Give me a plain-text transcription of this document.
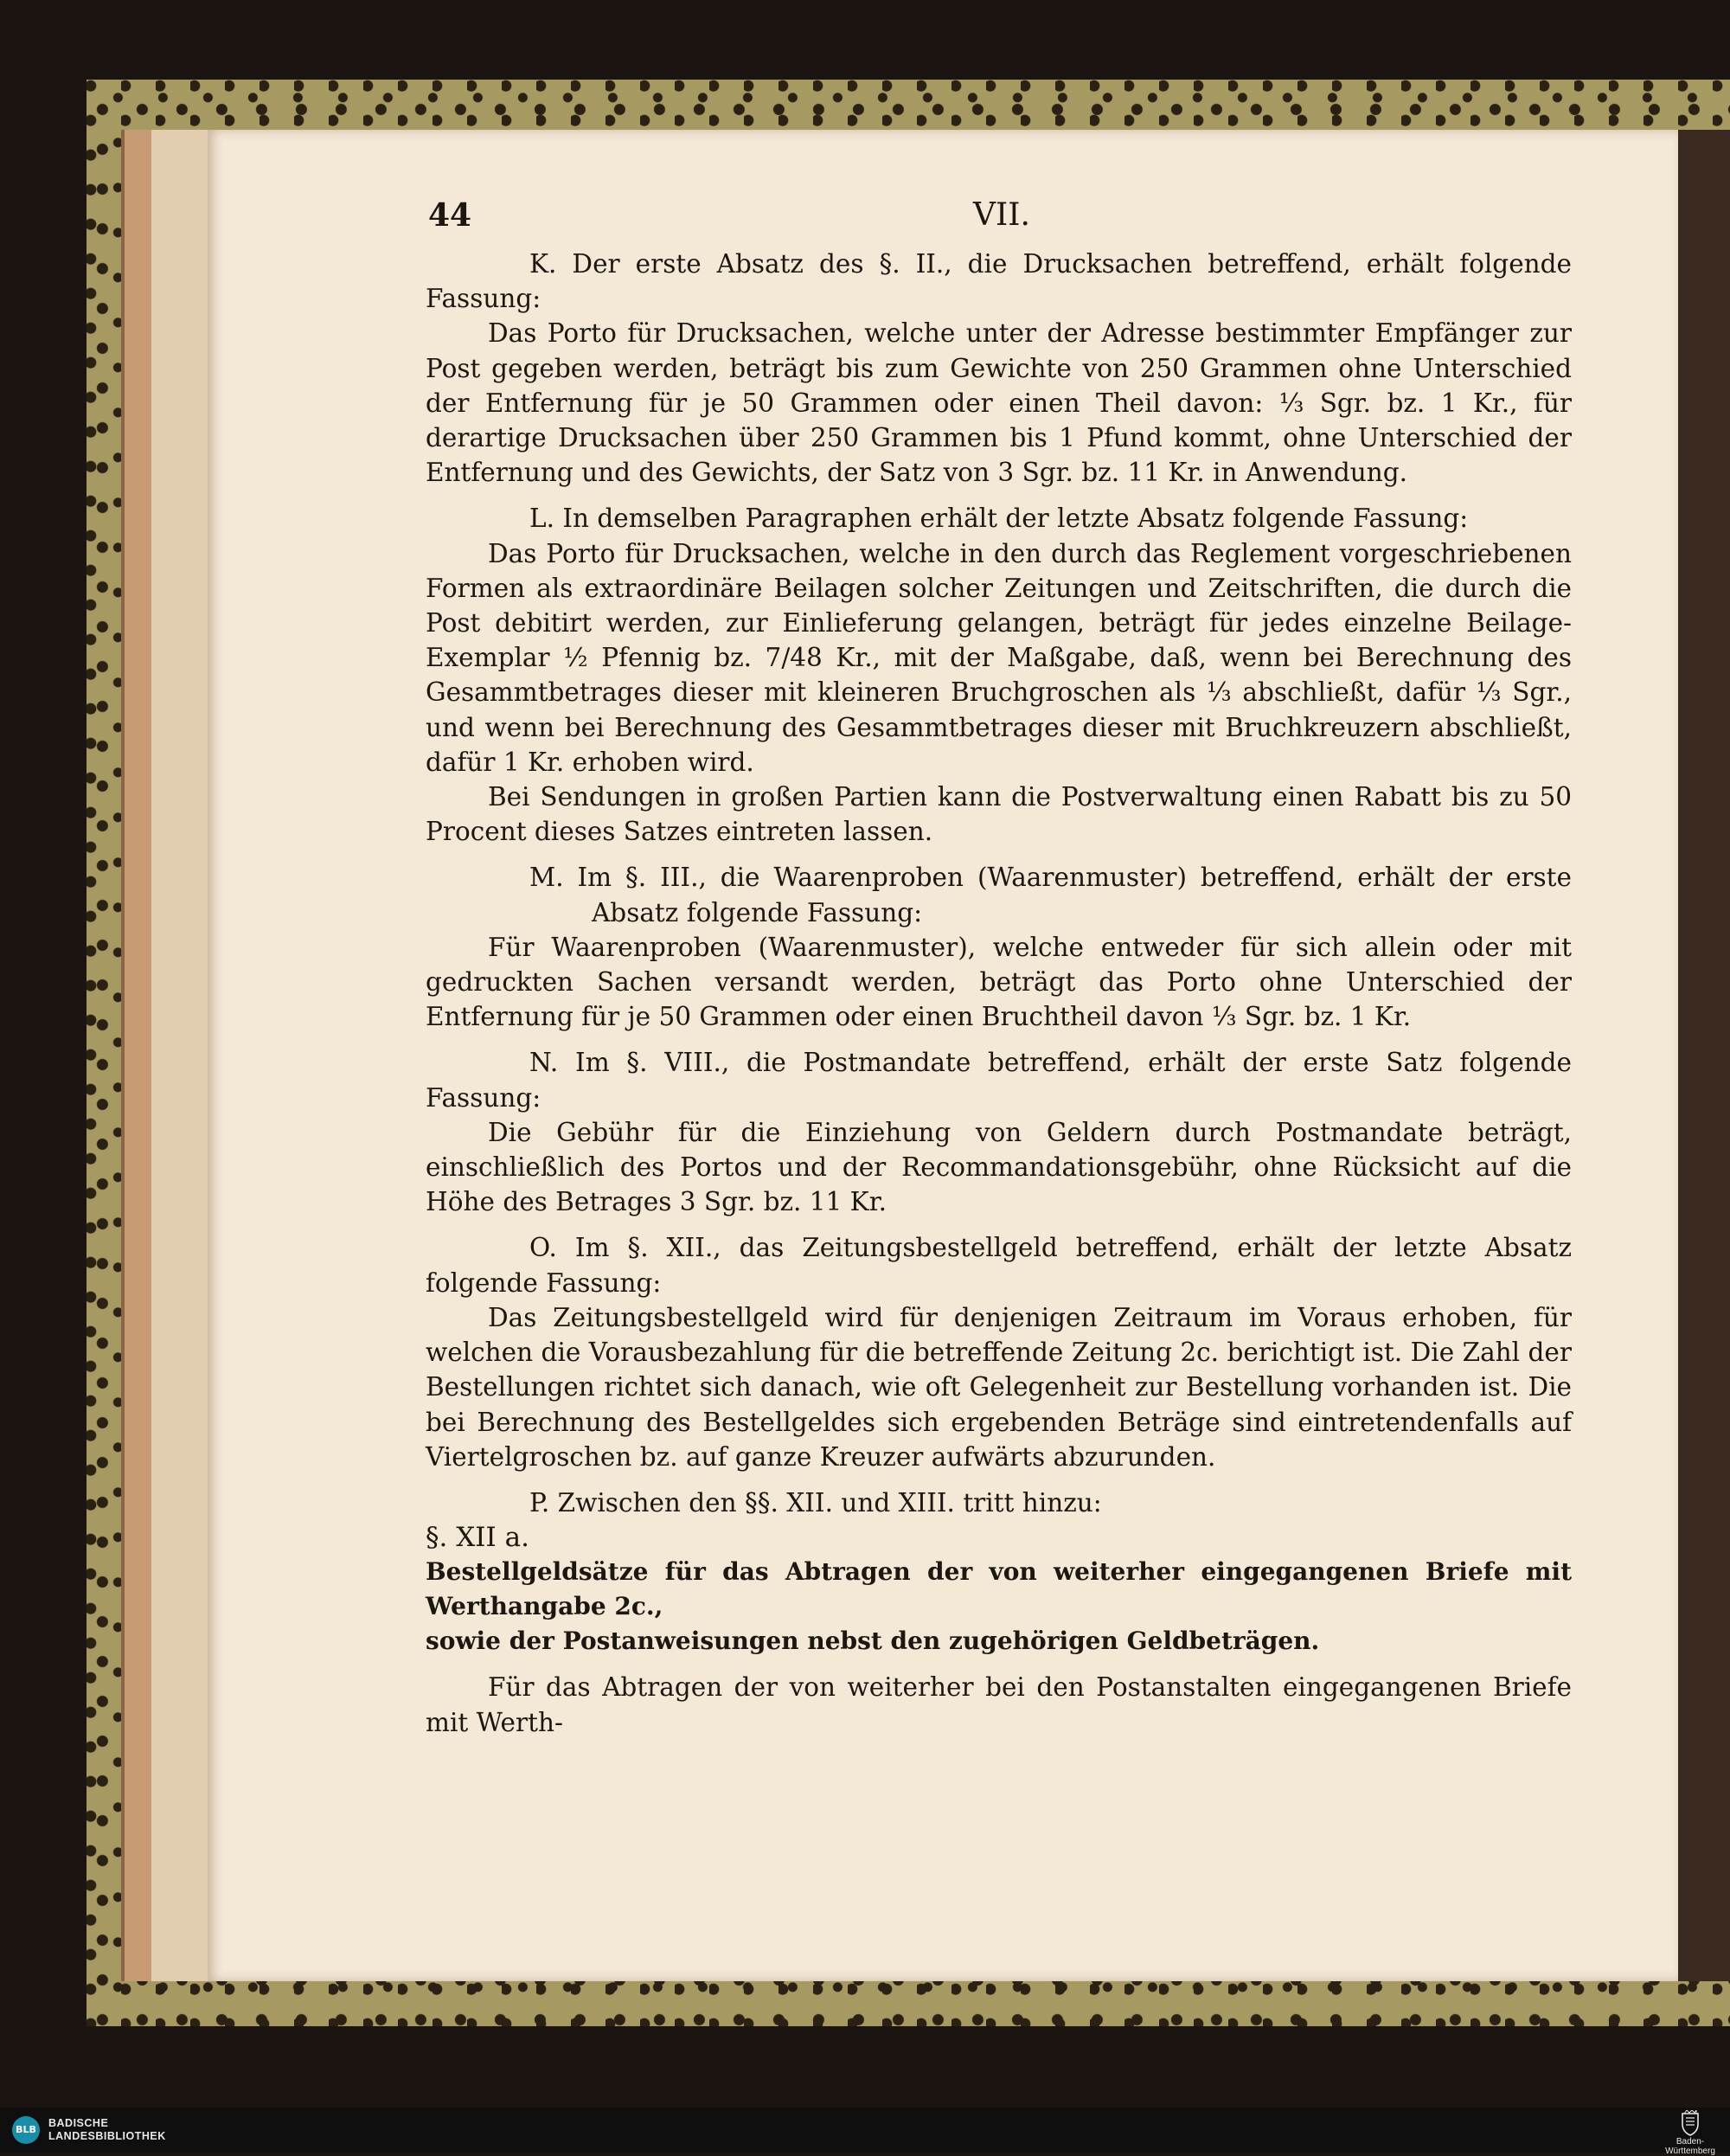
44	VII.

K. Der erste Absatz des §. II., die Drucksachen betreffend, erhält folgende Fassung:

Das Porto für Drucksachen, welche unter der Adresse bestimmter Empfänger zur Post gegeben werden, beträgt bis zum Gewichte von 250 Grammen ohne Unterschied der Entfernung für je 50 Grammen oder einen Theil davon: ⅓ Sgr. bz. 1 Kr., für derartige Drucksachen über 250 Grammen bis 1 Pfund kommt, ohne Unterschied der Entfernung und des Gewichts, der Satz von 3 Sgr. bz. 11 Kr. in Anwendung.

L. In demselben Paragraphen erhält der letzte Absatz folgende Fassung:

Das Porto für Drucksachen, welche in den durch das Reglement vorgeschriebenen Formen als extraordinäre Beilagen solcher Zeitungen und Zeitschriften, die durch die Post debitirt werden, zur Einlieferung gelangen, beträgt für jedes einzelne Beilage-Exemplar ½ Pfennig bz. 7/48 Kr., mit der Maßgabe, daß, wenn bei Berechnung des Gesammtbetrages dieser mit kleineren Bruchgroschen als ⅓ abschließt, dafür ⅓ Sgr., und wenn bei Berechnung des Gesammtbetrages dieser mit Bruchkreuzern abschließt, dafür 1 Kr. erhoben wird.

Bei Sendungen in großen Partien kann die Postverwaltung einen Rabatt bis zu 50 Procent dieses Satzes eintreten lassen.

M. Im §. III., die Waarenproben (Waarenmuster) betreffend, erhält der erste Absatz folgende Fassung:

Für Waarenproben (Waarenmuster), welche entweder für sich allein oder mit gedruckten Sachen versandt werden, beträgt das Porto ohne Unterschied der Entfernung für je 50 Grammen oder einen Bruchtheil davon ⅓ Sgr. bz. 1 Kr.

N. Im §. VIII., die Postmandate betreffend, erhält der erste Satz folgende Fassung:

Die Gebühr für die Einziehung von Geldern durch Postmandate beträgt, einschließlich des Portos und der Recommandationsgebühr, ohne Rücksicht auf die Höhe des Betrages 3 Sgr. bz. 11 Kr.

O. Im §. XII., das Zeitungsbestellgeld betreffend, erhält der letzte Absatz folgende Fassung:

Das Zeitungsbestellgeld wird für denjenigen Zeitraum im Voraus erhoben, für welchen die Vorausbezahlung für die betreffende Zeitung 2c. berichtigt ist. Die Zahl der Bestellungen richtet sich danach, wie oft Gelegenheit zur Bestellung vorhanden ist. Die bei Berechnung des Bestellgeldes sich ergebenden Beträge sind eintretendenfalls auf Viertelgroschen bz. auf ganze Kreuzer aufwärts abzurunden.

P. Zwischen den §§. XII. und XIII. tritt hinzu:

§. XII a.

Bestellgeldsätze für das Abtragen der von weiterher eingegangenen Briefe mit Werthangabe 2c.,

sowie der Postanweisungen nebst den zugehörigen Geldbeträgen.

Für das Abtragen der von weiterher bei den Postanstalten eingegangenen Briefe mit Werth-

BLB
BADISCHE
LANDESBIBLIOTHEK	Baden-Württemberg
